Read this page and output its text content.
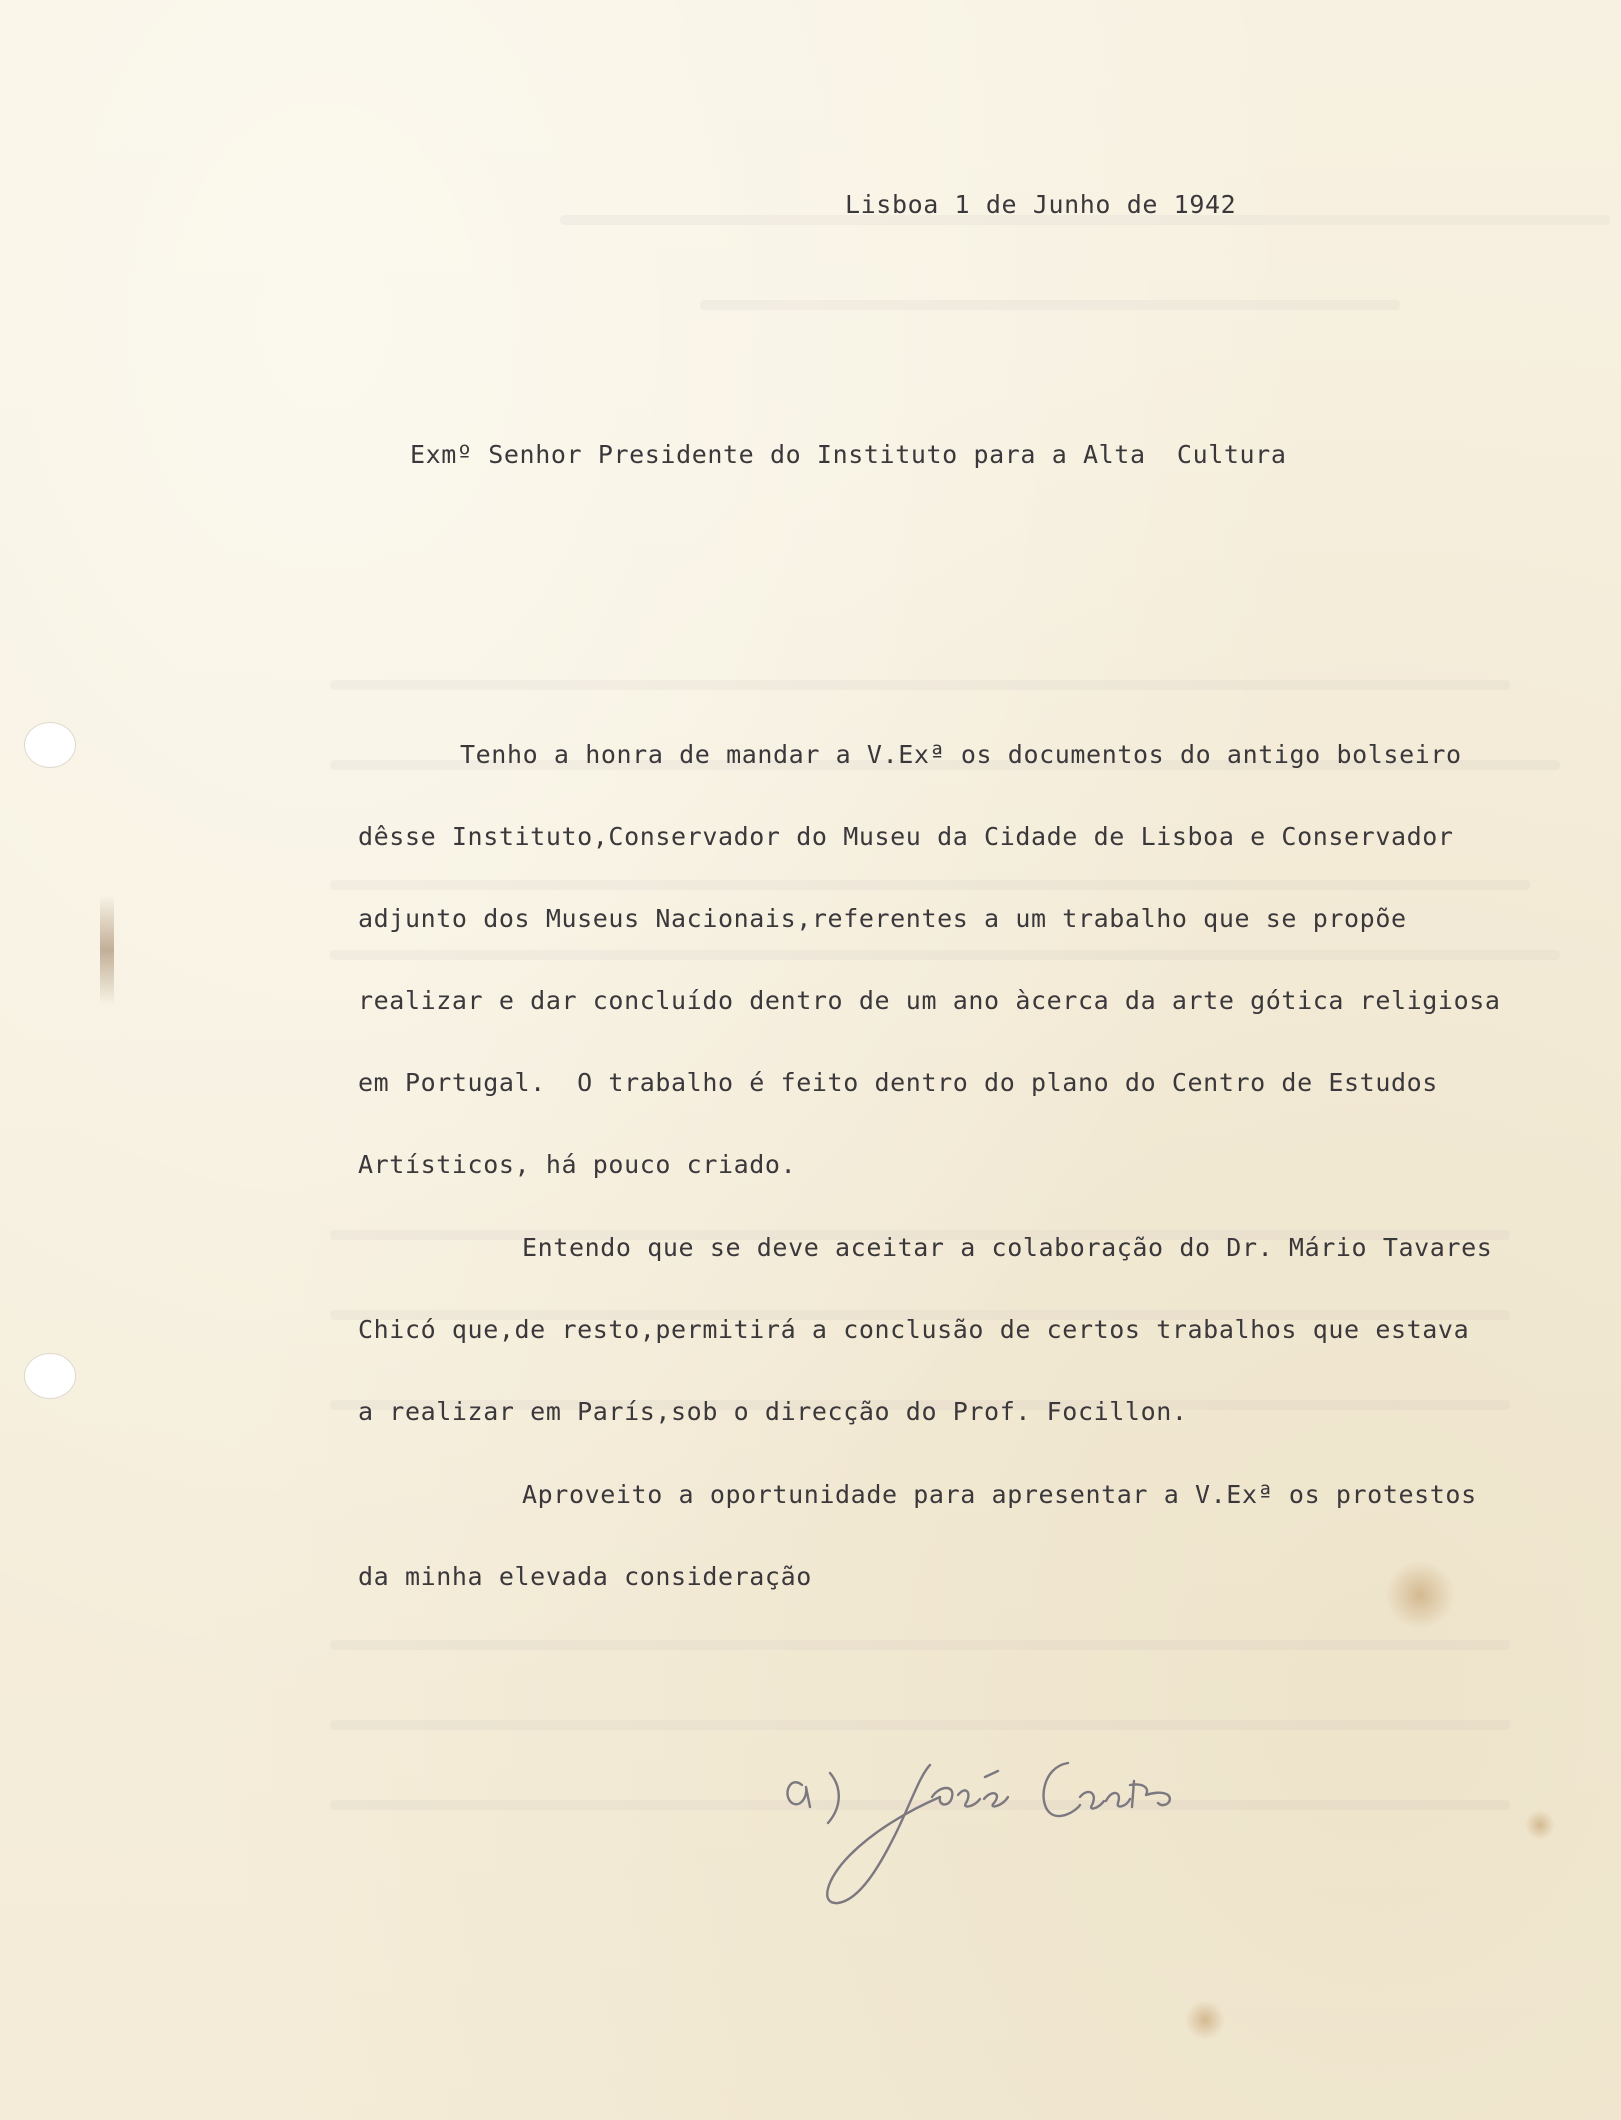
Lisboa 1 de Junho de 1942

Exmº Senhor Presidente do Instituto para a Alta  Cultura

Tenho a honra de mandar a V.Exª os documentos do antigo bolseiro

dêsse Instituto,Conservador do Museu da Cidade de Lisboa e Conservador

adjunto dos Museus Nacionais,referentes a um trabalho que se propõe

realizar e dar concluído dentro de um ano àcerca da arte gótica religiosa

em Portugal.  O trabalho é feito dentro do plano do Centro de Estudos

Artísticos, há pouco criado.

Entendo que se deve aceitar a colaboração do Dr. Mário Tavares

Chicó que,de resto,permitirá a conclusão de certos trabalhos que estava

a realizar em París,sob o direcção do Prof. Focillon.

Aproveito a oportunidade para apresentar a V.Exª os protestos

da minha elevada consideração
